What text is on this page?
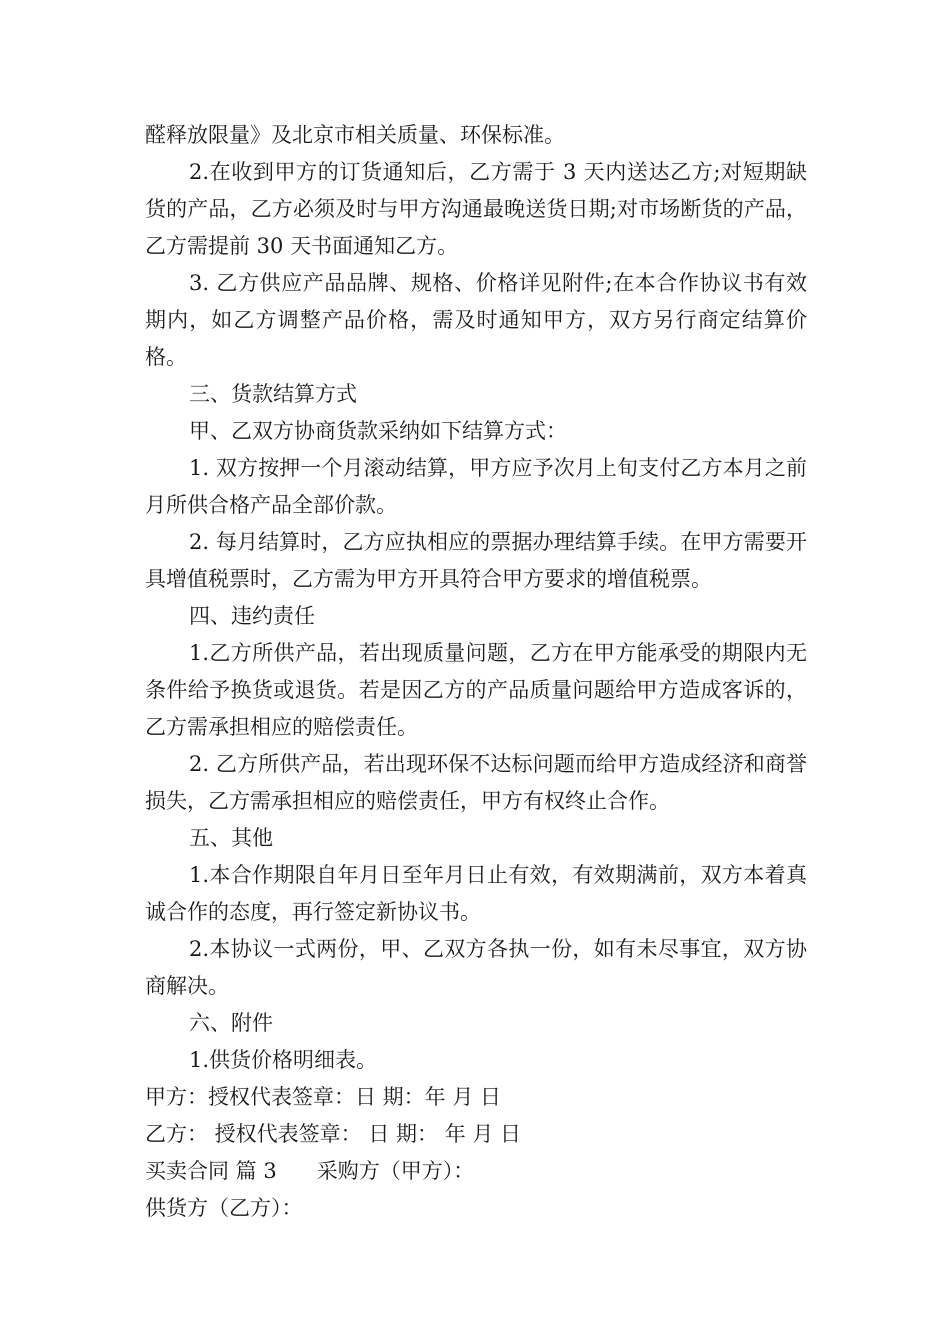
醛释放限量》及北京市相关质量、环保标准。

2.在收到甲方的订货通知后，乙方需于 3 天内送达乙方;对短期缺货的产品，乙方必须及时与甲方沟通最晚送货日期;对市场断货的产品，乙方需提前 30 天书面通知乙方。

3. 乙方供应产品品牌、规格、价格详见附件;在本合作协议书有效期内，如乙方调整产品价格，需及时通知甲方，双方另行商定结算价格。

三、货款结算方式

甲、乙双方协商货款采纳如下结算方式：

1. 双方按押一个月滚动结算，甲方应予次月上旬支付乙方本月之前月所供合格产品全部价款。

2. 每月结算时，乙方应执相应的票据办理结算手续。在甲方需要开具增值税票时，乙方需为甲方开具符合甲方要求的增值税票。

四、违约责任

1.乙方所供产品，若出现质量问题，乙方在甲方能承受的期限内无条件给予换货或退货。若是因乙方的产品质量问题给甲方造成客诉的，乙方需承担相应的赔偿责任。

2. 乙方所供产品，若出现环保不达标问题而给甲方造成经济和商誉损失，乙方需承担相应的赔偿责任，甲方有权终止合作。

五、其他

1.本合作期限自年月日至年月日止有效，有效期满前，双方本着真诚合作的态度，再行签定新协议书。

2.本协议一式两份，甲、乙双方各执一份，如有未尽事宜，双方协商解决。

六、附件

1.供货价格明细表。

甲方：授权代表签章：日 期：年 月 日

乙方： 授权代表签章： 日 期： 年 月 日

买卖合同 篇 3      采购方（甲方）：

供货方（乙方）：
